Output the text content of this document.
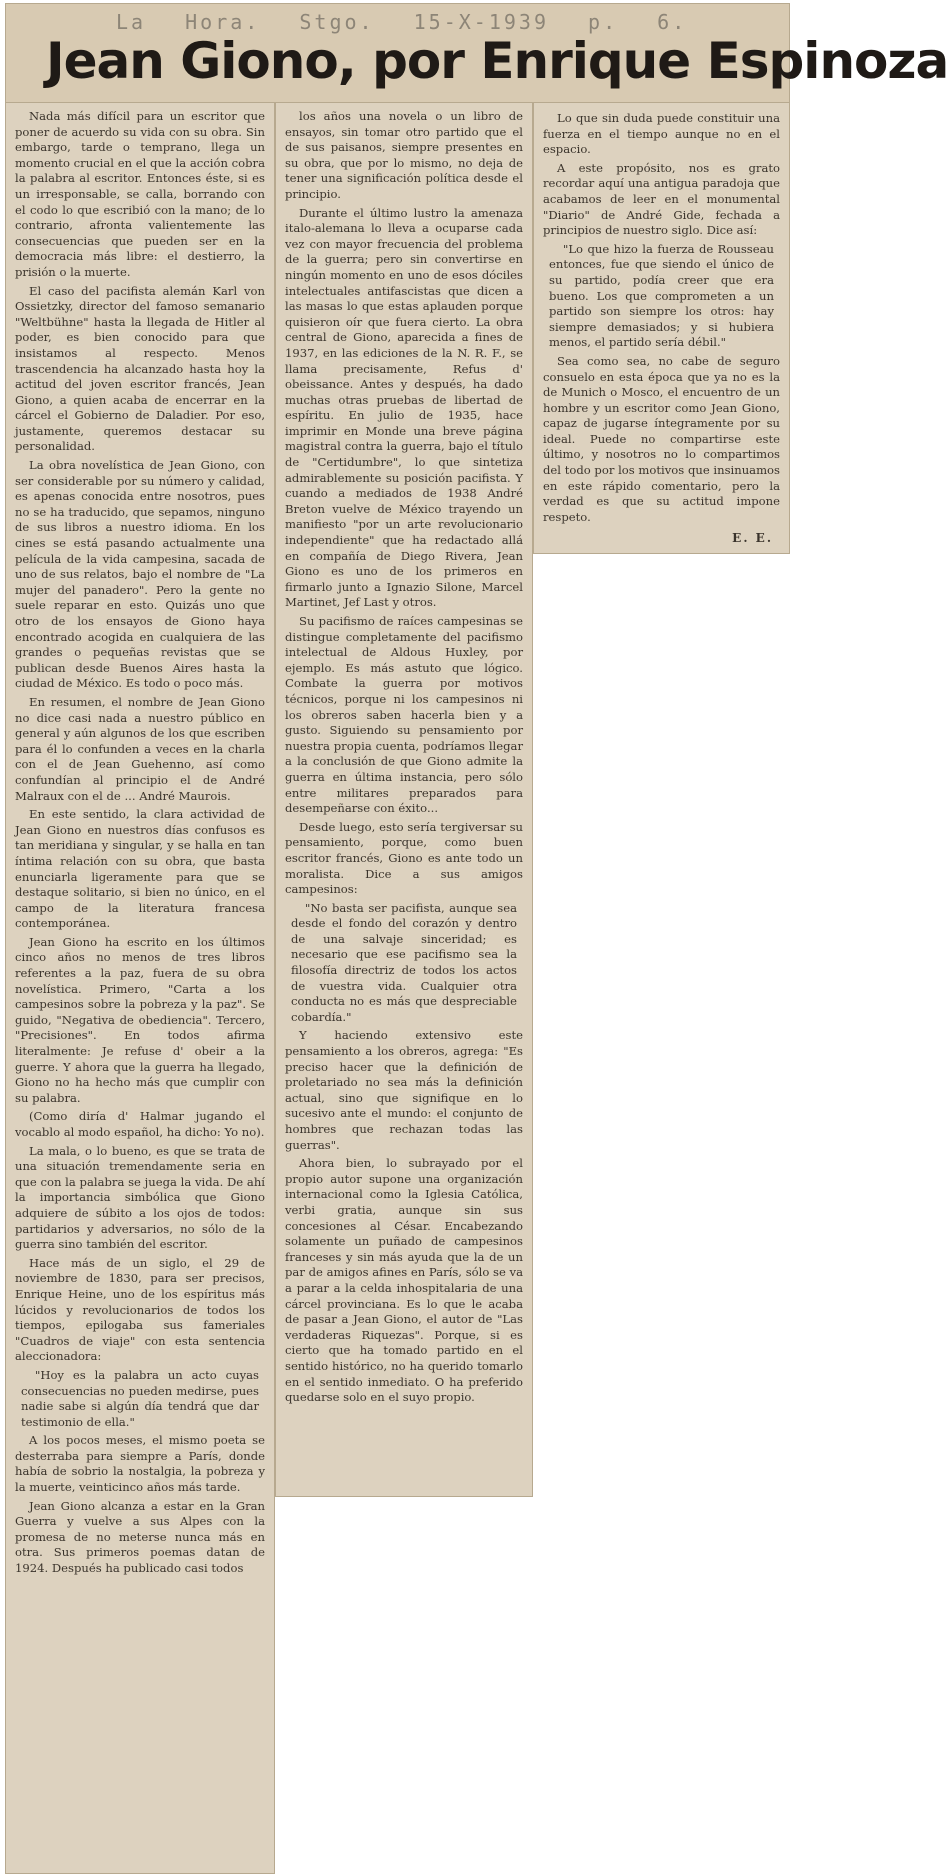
La Hora. Stgo. 15-X-1939 p. 6.
Jean Giono, por Enrique Espinoza

Nada más difícil para un escritor que poner de acuerdo su vida con su obra. Sin embargo, tarde o temprano, llega un momento crucial en el que la acción cobra la palabra al escritor. Entonces éste, si es un irresponsable, se calla, borrando con el codo lo que escribió con la mano; de lo contrario, afronta valientemente las consecuencias que pueden ser en la democracia más libre: el destierro, la prisión o la muerte.

El caso del pacifista alemán Karl von Ossietzky, director del famoso semanario "Weltbühne" hasta la llegada de Hitler al poder, es bien conocido para que insistamos al respecto. Menos trascendencia ha alcanzado hasta hoy la actitud del joven escritor francés, Jean Giono, a quien acaba de encerrar en la cárcel el Gobierno de Daladier. Por eso, justamente, queremos destacar su personalidad.

La obra novelística de Jean Giono, con ser considerable por su número y calidad, es apenas conocida entre nosotros, pues no se ha traducido, que sepamos, ninguno de sus libros a nuestro idioma. En los cines se está pasando actualmente una película de la vida campesina, sacada de uno de sus relatos, bajo el nombre de "La mujer del panadero". Pero la gente no suele reparar en esto. Quizás uno que otro de los ensayos de Giono haya encontrado acogida en cualquiera de las grandes o pequeñas revistas que se publican desde Buenos Aires hasta la ciudad de México. Es todo o poco más.

En resumen, el nombre de Jean Giono no dice casi nada a nuestro público en general y aún algunos de los que escriben para él lo confunden a veces en la charla con el de Jean Guehenno, así como confundían al principio el de André Malraux con el de ... André Maurois.

En este sentido, la clara actividad de Jean Giono en nuestros días confusos es tan meridiana y singular, y se halla en tan íntima relación con su obra, que basta enunciarla ligeramente para que se destaque solitario, si bien no único, en el campo de la literatura francesa contemporánea.

Jean Giono ha escrito en los últimos cinco años no menos de tres libros referentes a la paz, fuera de su obra novelística. Primero, "Carta a los campesinos sobre la pobreza y la paz". Se guido, "Negativa de obediencia". Tercero, "Precisiones". En todos afirma literalmente: Je refuse d' obeir a la guerre. Y ahora que la guerra ha llegado, Giono no ha hecho más que cumplir con su palabra.

(Como diría d' Halmar jugando el vocablo al modo español, ha dicho: Yo no).

La mala, o lo bueno, es que se trata de una situación tremendamente seria en que con la palabra se juega la vida. De ahí la importancia simbólica que Giono adquiere de súbito a los ojos de todos: partidarios y adversarios, no sólo de la guerra sino también del escritor.

Hace más de un siglo, el 29 de noviembre de 1830, para ser precisos, Enrique Heine, uno de los espíritus más lúcidos y revolucionarios de todos los tiempos, epilogaba sus fameriales "Cuadros de viaje" con esta sentencia aleccionadora:

"Hoy es la palabra un acto cuyas consecuencias no pueden medirse, pues nadie sabe si algún día tendrá que dar testimonio de ella."

A los pocos meses, el mismo poeta se desterraba para siempre a París, donde había de sobrio la nostalgia, la pobreza y la muerte, veinticinco años más tarde.

Jean Giono alcanza a estar en la Gran Guerra y vuelve a sus Alpes con la promesa de no meterse nunca más en otra. Sus primeros poemas datan de 1924. Después ha publicado casi todos

los años una novela o un libro de ensayos, sin tomar otro partido que el de sus paisanos, siempre presentes en su obra, que por lo mismo, no deja de tener una significación política desde el principio.

Durante el último lustro la amenaza italo-alemana lo lleva a ocuparse cada vez con mayor frecuencia del problema de la guerra; pero sin convertirse en ningún momento en uno de esos dóciles intelectuales antifascistas que dicen a las masas lo que estas aplauden porque quisieron oír que fuera cierto. La obra central de Giono, aparecida a fines de 1937, en las ediciones de la N. R. F., se llama precisamente, Refus d' obeissance. Antes y después, ha dado muchas otras pruebas de libertad de espíritu. En julio de 1935, hace imprimir en Monde una breve página magistral contra la guerra, bajo el título de "Certidumbre", lo que sintetiza admirablemente su posición pacifista. Y cuando a mediados de 1938 André Breton vuelve de México trayendo un manifiesto "por un arte revolucionario independiente" que ha redactado allá en compañía de Diego Rivera, Jean Giono es uno de los primeros en firmarlo junto a Ignazio Silone, Marcel Martinet, Jef Last y otros.

Su pacifismo de raíces campesinas se distingue completamente del pacifismo intelectual de Aldous Huxley, por ejemplo. Es más astuto que lógico. Combate la guerra por motivos técnicos, porque ni los campesinos ni los obreros saben hacerla bien y a gusto. Siguiendo su pensamiento por nuestra propia cuenta, podríamos llegar a la conclusión de que Giono admite la guerra en última instancia, pero sólo entre militares preparados para desempeñarse con éxito...

Desde luego, esto sería tergiversar su pensamiento, porque, como buen escritor francés, Giono es ante todo un moralista. Dice a sus amigos campesinos:

"No basta ser pacifista, aunque sea desde el fondo del corazón y dentro de una salvaje sinceridad; es necesario que ese pacifismo sea la filosofía directriz de todos los actos de vuestra vida. Cualquier otra conducta no es más que despreciable cobardía."

Y haciendo extensivo este pensamiento a los obreros, agrega: "Es preciso hacer que la definición de proletariado no sea más la definición actual, sino que signifique en lo sucesivo ante el mundo: el conjunto de hombres que rechazan todas las guerras".

Ahora bien, lo subrayado por el propio autor supone una organización internacional como la Iglesia Católica, verbi gratia, aunque sin sus concesiones al César. Encabezando solamente un puñado de campesinos franceses y sin más ayuda que la de un par de amigos afines en París, sólo se va a parar a la celda inhospitalaria de una cárcel provinciana. Es lo que le acaba de pasar a Jean Giono, el autor de "Las verdaderas Riquezas". Porque, si es cierto que ha tomado partido en el sentido histórico, no ha querido tomarlo en el sentido inmediato. O ha preferido quedarse solo en el suyo propio.

Lo que sin duda puede constituir una fuerza en el tiempo aunque no en el espacio.

A este propósito, nos es grato recordar aquí una antigua paradoja que acabamos de leer en el monumental "Diario" de André Gide, fechada a principios de nuestro siglo. Dice así:

"Lo que hizo la fuerza de Rousseau entonces, fue que siendo el único de su partido, podía creer que era bueno. Los que comprometen a un partido son siempre los otros: hay siempre demasiados; y si hubiera menos, el partido sería débil."

Sea como sea, no cabe de seguro consuelo en esta época que ya no es la de Munich o Mosco, el encuentro de un hombre y un escritor como Jean Giono, capaz de jugarse íntegramente por su ideal. Puede no compartirse este último, y nosotros no lo compartimos del todo por los motivos que insinuamos en este rápido comentario, pero la verdad es que su actitud impone respeto.

E. E.
